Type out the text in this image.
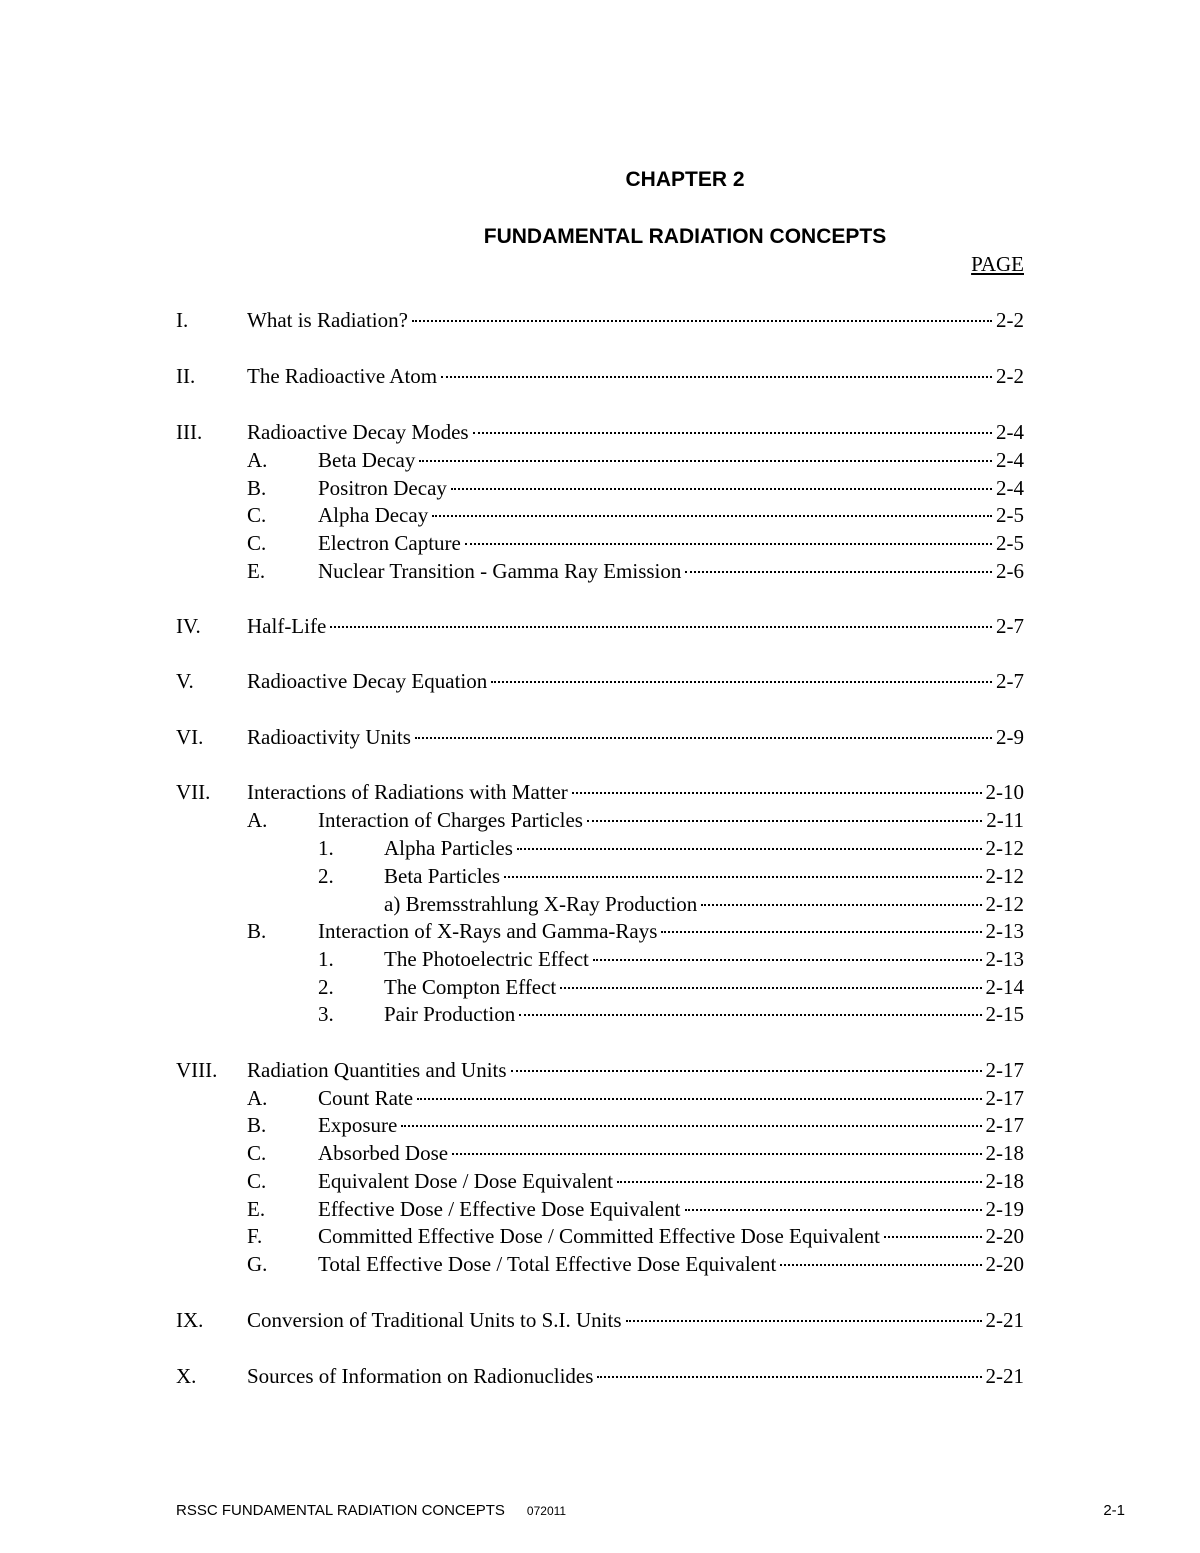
CHAPTER 2
FUNDAMENTAL RADIATION CONCEPTS
PAGE
I.	What is Radiation?	2-2
II. The Radioactive Atom	2-2
III. Radioactive Decay Modes	2-4
A. Beta Decay	2-4
B. Positron Decay	2-4
C. Alpha Decay	2-5
C. Electron Capture	2-5
E.	Nuclear Transition - Gamma Ray Emission	2-6
IV. Half-Life	2-7
V.	Radioactive Decay Equation	2-7
VI. Radioactivity Units	2-9
VII. Interactions of Radiations with Matter	2-10
A. Interaction of Charges Particles	2-11
1. Alpha Particles	2-12
2. Beta Particles	2-12
a) Bremsstrahlung X-Ray Production	2-12
B. Interaction of X-Rays and Gamma-Rays	2-13
1. The Photoelectric Effect	2-13
2. The Compton Effect	2-14
3. Pair Production	2-15
VIII. Radiation Quantities and Units	2-17
A. Count Rate	2-17
B. Exposure	2-17
C. Absorbed Dose	2-18
C. Equivalent Dose / Dose Equivalent	2-18
E.	Effective Dose / Effective Dose Equivalent	2-19
F.	Committed Effective Dose / Committed Effective Dose Equivalent	2-20
G. Total Effective Dose / Total Effective Dose Equivalent	2-20
IX. Conversion of Traditional Units to S.I. Units	2-21
X. Sources of Information on Radionuclides	2-21
RSSC FUNDAMENTAL RADIATION CONCEPTS 072011	2-1
